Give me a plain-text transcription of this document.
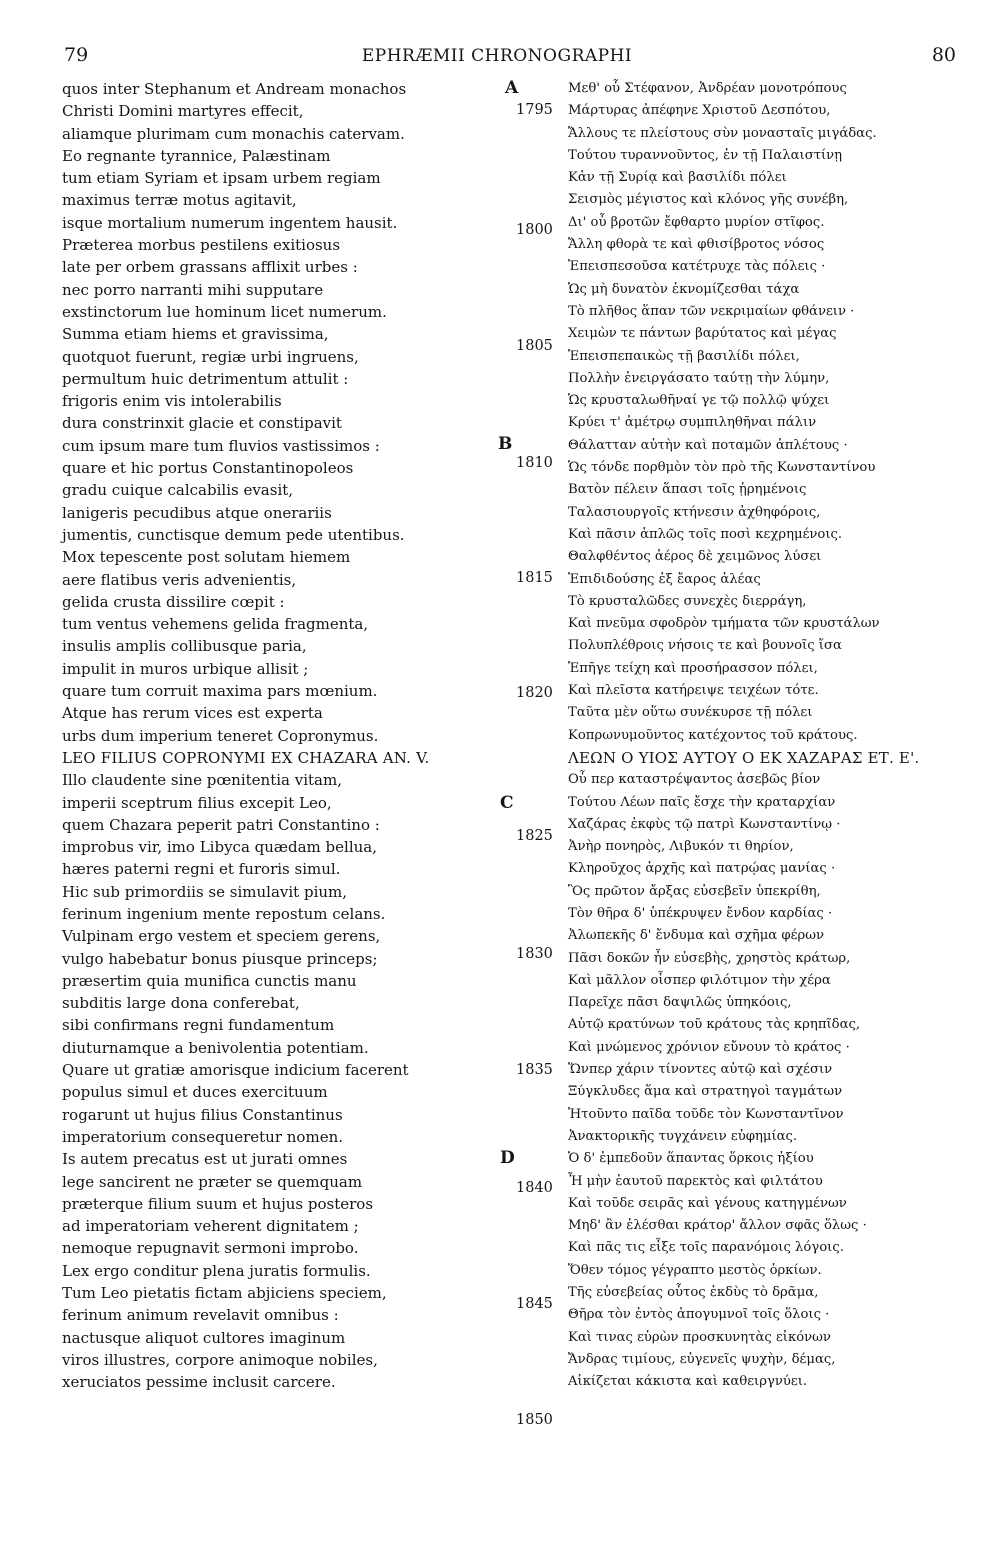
79	EPHRÆMII CHRONOGRAPHI	80
quos inter Stephanum et Andream monachos
Christi Domini martyres effecit,
aliamque plurimam cum monachis catervam.
Eo regnante tyrannice, Palæstinam
tum etiam Syriam et ipsam urbem regiam
maximus terræ motus agitavit,
isque mortalium numerum ingentem hausit.
Præterea morbus pestilens exitiosus
late per orbem grassans afflixit urbes :
nec porro narranti mihi supputare
exstinctorum lue hominum licet numerum.
Summa etiam hiems et gravissima,
quotquot fuerunt, regiæ urbi ingruens,
permultum huic detrimentum attulit :
frigoris enim vis intolerabilis
dura constrinxit glacie et constipavit
cum ipsum mare tum fluvios vastissimos :
quare et hic portus Constantinopoleos
gradu cuique calcabilis evasit,
lanigeris pecudibus atque onerariis
jumentis, cunctisque demum pede utentibus.
Mox tepescente post solutam hiemem
aere flatibus veris advenientis,
gelida crusta dissilire cœpit :
tum ventus vehemens gelida fragmenta,
insulis amplis collibusque paria,
impulit in muros urbique allisit ;
quare tum corruit maxima pars mœnium.
Atque has rerum vices est experta
urbs dum imperium teneret Copronymus.
LEO FILIUS COPRONYMI EX CHAZARA AN. V.
Illo claudente sine pœnitentia vitam,
imperii sceptrum filius excepit Leo,
quem Chazara peperit patri Constantino :
improbus vir, imo Libyca quædam bellua,
hæres paterni regni et furoris simul.
Hic sub primordiis se simulavit pium,
ferinum ingenium mente repostum celans.
Vulpinam ergo vestem et speciem gerens,
vulgo habebatur bonus piusque princeps;
præsertim quia munifica cunctis manu
subditis large dona conferebat,
sibi confirmans regni fundamentum
diuturnamque a benivolentia potentiam.
Quare ut gratiæ amorisque indicium facerent
populus simul et duces exercituum
rogarunt ut hujus filius Constantinus
imperatorium consequeretur nomen.
Is autem precatus est ut jurati omnes
lege sancirent ne præter se quemquam
præterque filium suum et hujus posteros
ad imperatoriam veherent dignitatem ;
nemoque repugnavit sermoni improbo.
Lex ergo conditur plena juratis formulis.
Tum Leo pietatis fictam abjiciens speciem,
ferinum animum revelavit omnibus :
nactusque aliquot cultores imaginum
viros illustres, corpore animoque nobiles,
xeruciatos pessime inclusit carcere.
Μεθ' οὗ Στέφανον, Ἀνδρέαν μονοτρόπους
Μάρτυρας ἀπέφηνε Χριστοῦ Δεσπότου,
Ἄλλους τε πλείστους σὺν μονασταῖς μιγάδας.
Τούτου τυραννοῦντος, ἐν τῇ Παλαιστίνῃ
Κἀν τῇ Συρίᾳ καὶ βασιλίδι πόλει
Σεισμὸς μέγιστος καὶ κλόνος γῆς συνέβη,
Δι' οὗ βροτῶν ἔφθαρτο μυρίον στῖφος.
Ἄλλη φθορὰ τε καὶ φθισίβροτος νόσος
Ἐπεισπεσοῦσα κατέτρυχε τὰς πόλεις ·
Ὡς μὴ δυνατὸν ἐκνομίζεσθαι τάχα
Τὸ πλῆθος ἅπαν τῶν νεκριμαίων φθάνειν ·
Χειμὼν τε πάντων βαρύτατος καὶ μέγας
Ἐπεισπεπαικὼς τῇ βασιλίδι πόλει,
Πολλὴν ἐνειργάσατο ταύτῃ τὴν λύμην,
Ὡς κρυσταλωθῆναί γε τῷ πολλῷ ψύχει
Κρύει τ' ἀμέτρῳ συμπιληθῆναι πάλιν
Θάλατταν αὐτὴν καὶ ποταμῶν ἀπλέτους ·
Ὡς τόνδε πορθμὸν τὸν πρὸ τῆς Κωνσταντίνου
Βατὸν πέλειν ἅπασι τοῖς ᾑρημένοις
Ταλασιουργοῖς κτήνεσιν ἀχθηφόροις,
Καὶ πᾶσιν ἁπλῶς τοῖς ποσὶ κεχρημένοις.
Θαλφθέντος ἀέρος δὲ χειμῶνος λύσει
Ἐπιδιδούσης ἐξ ἔαρος ἀλέας
Τὸ κρυσταλῶδες συνεχὲς διερράγη,
Καὶ πνεῦμα σφοδρὸν τμήματα τῶν κρυστάλων
Πολυπλέθροις νήσοις τε καὶ βουνοῖς ἴσα
Ἐπῆγε τείχη καὶ προσήρασσον πόλει,
Καὶ πλεῖστα κατήρειψε τειχέων τότε.
Ταῦτα μὲν οὕτω συνέκυρσε τῇ πόλει
Κοπρωνυμοῦντος κατέχοντος τοῦ κράτους.
ΛΕΩΝ Ο ΥΙΟΣ ΑΥΤΟΥ Ο ΕΚ ΧΑΖΑΡΑΣ ΕΤ. Ε'.
Οὗ περ καταστρέψαντος ἀσεβῶς βίον
Τούτου Λέων παῖς ἔσχε τὴν κραταρχίαν
Χαζάρας ἐκφὺς τῷ πατρὶ Κωνσταντίνῳ ·
Ἀνὴρ πονηρὸς, Λιβυκόν τι θηρίον,
Κληροῦχος ἀρχῆς καὶ πατρῴας μανίας ·
Ὃς πρῶτον ἄρξας εὐσεβεῖν ὑπεκρίθη,
Τὸν θῆρα δ' ὑπέκρυψεν ἔνδον καρδίας ·
Ἀλωπεκῆς δ' ἔνδυμα καὶ σχῆμα φέρων
Πᾶσι δοκῶν ἦν εὐσεβὴς, χρηστὸς κράτωρ,
Καὶ μᾶλλον οἷσπερ φιλότιμον τὴν χέρα
Παρεῖχε πᾶσι δαψιλῶς ὑπηκόοις,
Αὐτῷ κρατύνων τοῦ κράτους τὰς κρηπῖδας,
Καὶ μνώμενος χρόνιον εὔνουν τὸ κράτος ·
Ὥνπερ χάριν τίνοντες αὐτῷ καὶ σχέσιν
Ξύγκλυδες ἅμα καὶ στρατηγοὶ ταγμάτων
Ἠτοῦντο παῖδα τοῦδε τὸν Κωνσταντῖνον
Ἀνακτορικῆς τυγχάνειν εὐφημίας.
Ὁ δ' ἐμπεδοῦν ἅπαντας ὅρκοις ἠξίου
Ἦ μὴν ἑαυτοῦ παρεκτὸς καὶ φιλτάτου
Καὶ τοῦδε σειρᾶς καὶ γένους κατηγμένων
Μηδ' ἂν ἑλέσθαι κράτορ' ἄλλον σφᾶς ὅλως ·
Καὶ πᾶς τις εἶξε τοῖς παρανόμοις λόγοις.
Ὅθεν τόμος γέγραπτο μεστὸς ὁρκίων.
Τῆς εὐσεβείας οὗτος ἐκδὺς τὸ δρᾶμα,
Θῆρα τὸν ἐντὸς ἀπογυμνοῖ τοῖς ὅλοις ·
Καὶ τινας εὑρὼν προσκυνητὰς εἰκόνων
Ἄνδρας τιμίους, εὐγενεῖς ψυχὴν, δέμας,
Αἰκίζεται κάκιστα καὶ καθειργνύει.
A
B
C
D
1795
1800
1805
1810
1815
1820
1825
1830
1835
1840
1845
1850
